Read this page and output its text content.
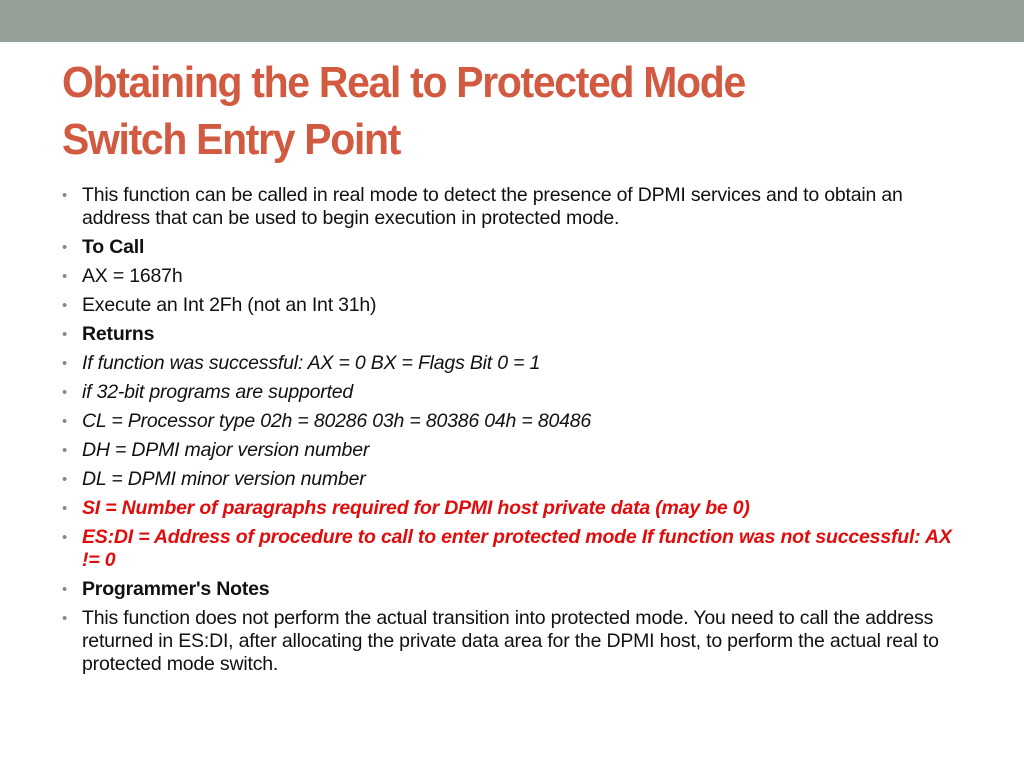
Obtaining the Real to Protected Mode
Switch Entry Point
• This function can be called in real mode to detect the presence of DPMI services and to obtain an address that can be used to begin execution in protected mode.
• To Call
• AX = 1687h
• Execute an Int 2Fh (not an Int 31h)
• Returns
• If function was successful: AX = 0 BX = Flags Bit 0 = 1
• if 32-bit programs are supported
• CL = Processor type 02h = 80286 03h = 80386 04h = 80486
• DH = DPMI major version number
• DL = DPMI minor version number
• SI = Number of paragraphs required for DPMI host private data (may be 0)
• ES:DI = Address of procedure to call to enter protected mode If function was not successful: AX != 0
• Programmer's Notes
• This function does not perform the actual transition into protected mode. You need to call the address returned in ES:DI, after allocating the private data area for the DPMI host, to perform the actual real to protected mode switch.
